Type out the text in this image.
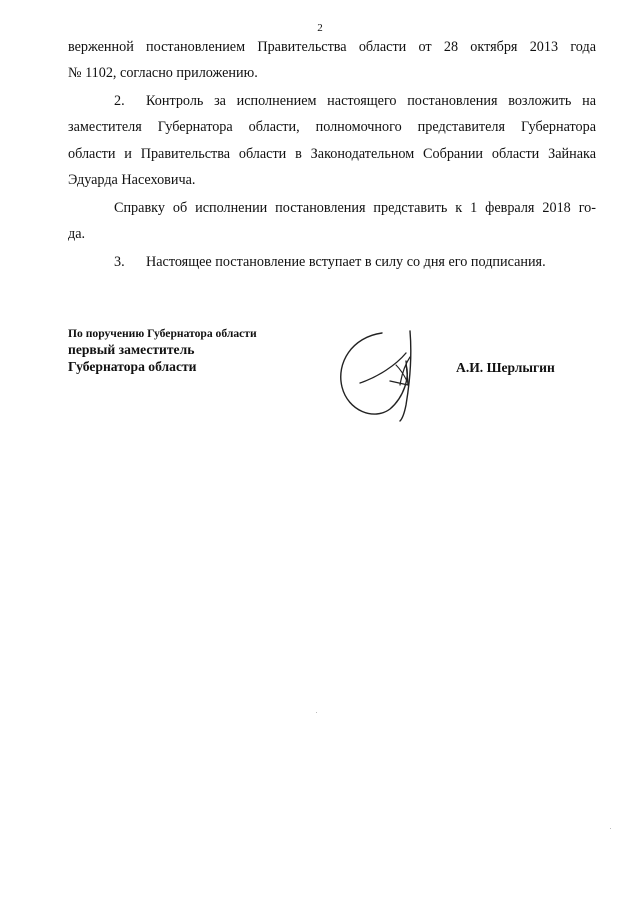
2
верженной постановлением Правительства области от 28 октября 2013 года
№ 1102, согласно приложению.
2. Контроль за исполнением настоящего постановления возложить на
заместителя Губернатора области, полномочного представителя Губернатора
области и Правительства области в Законодательном Собрании области Зайнака
Эдуарда Насеховича.
Справку об исполнении постановления представить к 1 февраля 2018 го-
да.
3. Настоящее постановление вступает в силу со дня его подписания.
По поручению Губернатора области
первый заместитель
Губернатора области	А.И. Шерлыгин
